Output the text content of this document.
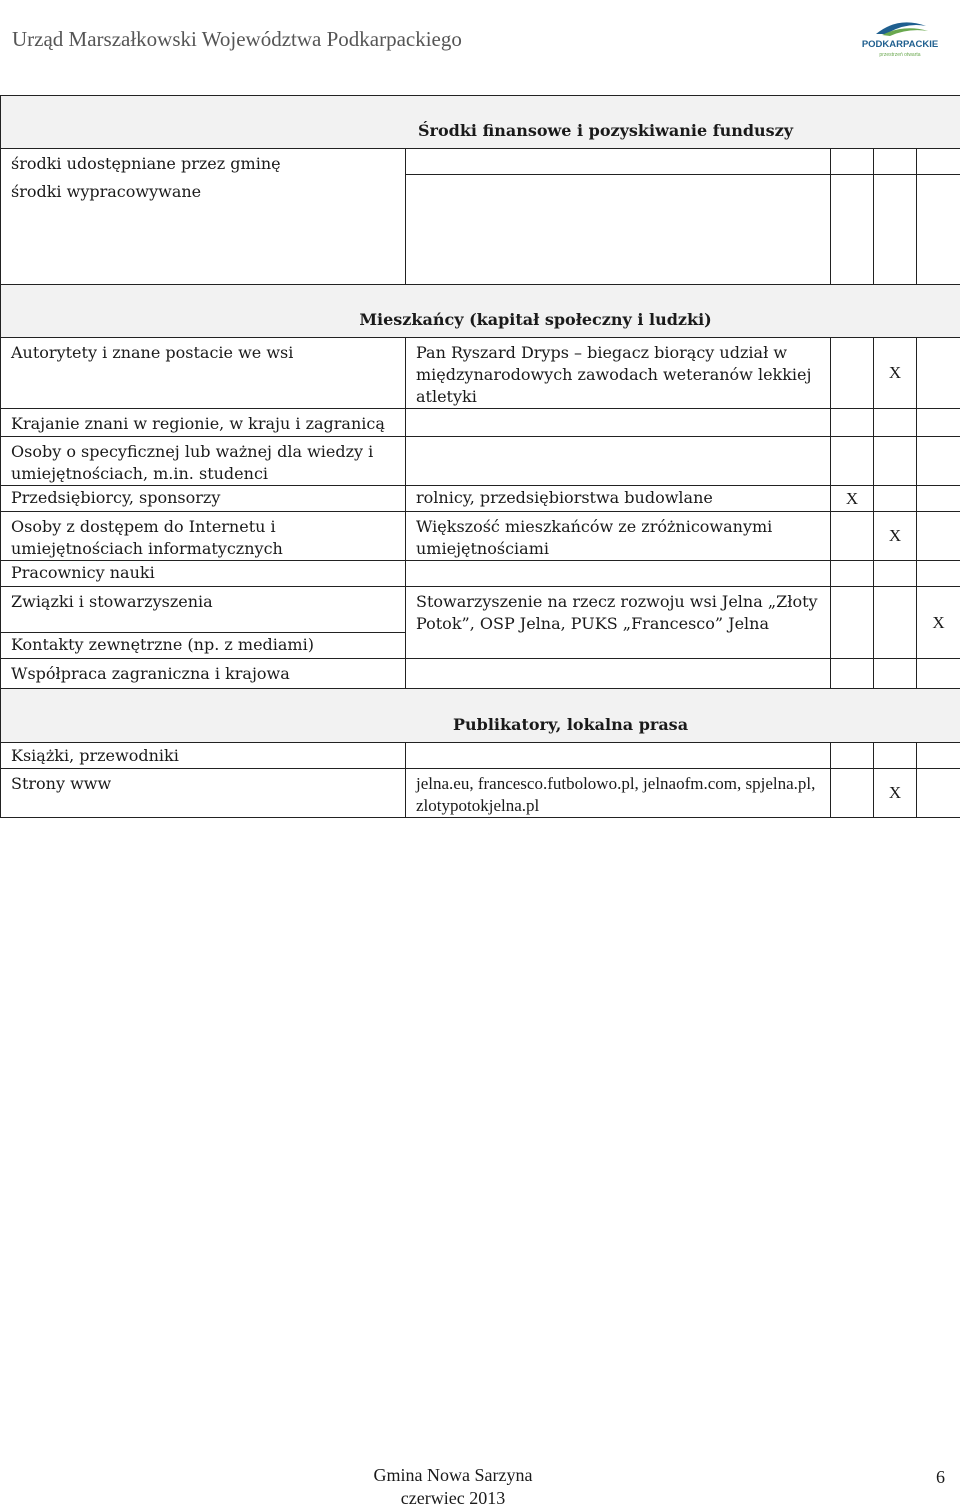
Urząd Marszałkowski Województwa Podkarpackiego	PODKARPACKIE
przestrzeń otwarta
Środki finansowe i pozyskiwanie funduszy				

środki udostępniane przez gminę
środki wypracowywane				

Mieszkańcy (kapitał społeczny i ludzki)				
Autorytety i znane postacie we wsi	Pan Ryszard Dryps – biegacz biorący udział w międzynarodowych zawodach weteranów lekkiej atletyki		X	
Krajanie znani w regionie, w kraju i zagranicą				
Osoby o specyficznej lub ważnej dla wiedzy i umiejętnościach, m.in. studenci				
Przedsiębiorcy, sponsorzy	rolnicy, przedsiębiorstwa budowlane	X		
Osoby z dostępem do Internetu i umiejętnościach informatycznych	Większość mieszkańców ze zróżnicowanymi umiejętnościami		X	
Pracownicy nauki				
Związki i stowarzyszenia	Stowarzyszenie na rzecz rozwoju wsi Jelna „Złoty Potok”, OSP Jelna, PUKS „Francesco” Jelna			X
Kontakty zewnętrzne (np. z mediami)				
Współpraca zagraniczna i krajowa				
Publikatory, lokalna prasa				
Książki, przewodniki				
Strony www	jelna.eu, francesco.futbolowo.pl, jelnaofm.com, spjelna.pl, zlotypotokjelna.pl		X	
Gmina Nowa Sarzyna
czerwiec 2013
6
